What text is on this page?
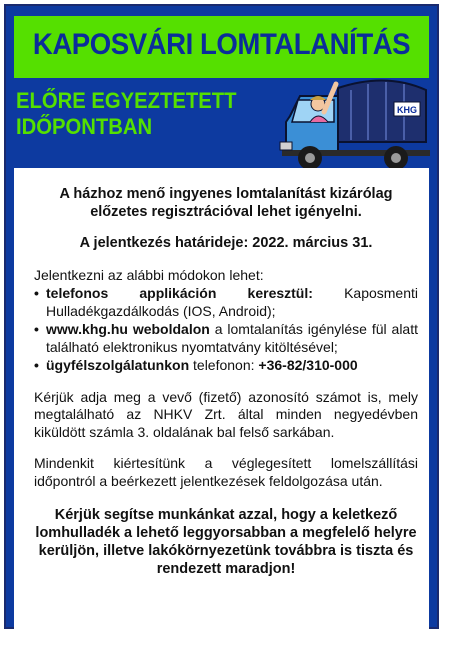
KAPOSVÁRI LOMTALANÍTÁS
ELŐRE EGYEZTETETT
IDŐPONTBAN
KHG

A házhoz menő ingyenes lomtalanítást kizárólag előzetes regisztrációval lehet igényelni.

A jelentkezés határideje: 2022. március 31.

Jelentkezni az alábbi módokon lehet:

• telefonos applikáción keresztül: Kaposmenti Hulladékgazdálkodás (IOS, Android);
• www.khg.hu weboldalon a lomtalanítás igénylése fül alatt található elektronikus nyomtatvány kitöltésével;
• ügyfélszolgálatunkon telefonon: +36-82/310-000

Kérjük adja meg a vevő (fizető) azonosító számot is, mely megtalálható az NHKV Zrt. által minden negyedévben kiküldött számla 3. oldalának bal felső sarkában.

Mindenkit kiértesítünk a véglegesített lomelszállítási időpontról a beérkezett jelentkezések feldolgozása után.

Kérjük segítse munkánkat azzal, hogy a keletkező lomhulladék a lehető leggyorsabban a megfelelő helyre kerüljön, illetve lakókörnyezetünk továbbra is tiszta és rendezett maradjon!
